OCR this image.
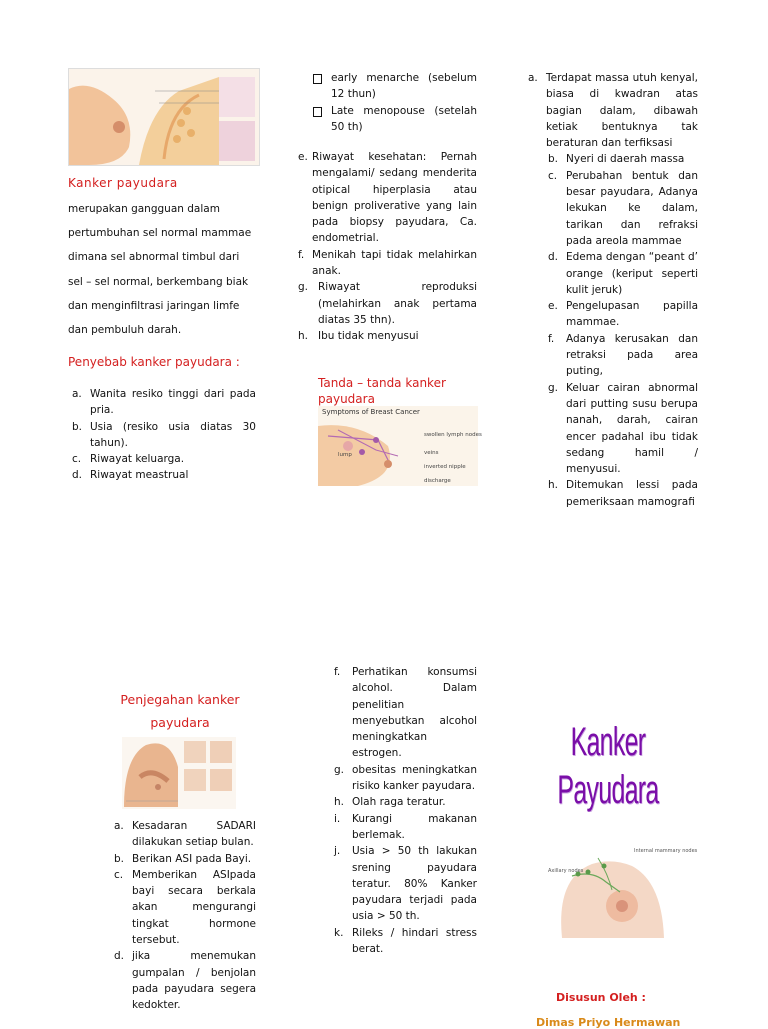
Kanker payudara
merupakan gangguan dalam
pertumbuhan sel normal mammae
dimana sel abnormal timbul dari
sel – sel normal, berkembang biak
dan menginfiltrasi jaringan limfe
dan pembuluh darah.
Penyebab kanker payudara :
a. Wanita resiko tinggi dari pada pria.
b. Usia (resiko usia diatas 30 tahun).
c. Riwayat keluarga.
d. Riwayat meastrual
early menarche (sebelum 12 thun)
Late menopouse (setelah 50 th)
e. Riwayat kesehatan: Pernah mengalami/ sedang menderita otipical hiperplasia atau benign proliverative yang lain pada biopsy payudara, Ca. endometrial.
f. Menikah tapi tidak melahirkan anak.
g. Riwayat reproduksi (melahirkan anak pertama diatas 35 thn).
h. Ibu tidak menyusui
Tanda – tanda kanker payudara
Symptoms of Breast Cancer
lump
swollen lymph nodes
veins
inverted nipple
discharge
a. Terdapat massa utuh kenyal, biasa di kwadran atas bagian dalam, dibawah ketiak bentuknya tak beraturan dan terfiksasi
b. Nyeri di daerah massa
c. Perubahan bentuk dan besar payudara, Adanya lekukan ke dalam, tarikan dan refraksi pada areola mammae
d. Edema dengan “peant d’ orange (keriput seperti kulit jeruk)
e. Pengelupasan papilla mammae.
f. Adanya kerusakan dan retraksi pada area puting,
g. Keluar cairan abnormal dari putting susu berupa nanah, darah, cairan encer padahal ibu tidak sedang hamil / menyusui.
h. Ditemukan lessi pada pemeriksaan mamografi
Penjegahan kanker
payudara
a. Kesadaran SADARI dilakukan setiap bulan.
b. Berikan ASI pada Bayi.
c. Memberikan ASIpada bayi secara berkala akan mengurangi tingkat hormone tersebut.
d. jika menemukan gumpalan / benjolan pada payudara segera kedokter.
f. Perhatikan konsumsi alcohol. Dalam penelitian menyebutkan alcohol meningkatkan estrogen.
g. obesitas meningkatkan risiko kanker payudara.
h. Olah raga teratur.
i. Kurangi makanan berlemak.
j. Usia > 50 th lakukan srening payudara teratur. 80% Kanker payudara terjadi pada usia > 50 th.
k. Rileks / hindari stress berat.
Kanker Payudara
Axillary nodes
Internal mammary nodes
Disusun Oleh :
Dimas Priyo Hermawan
